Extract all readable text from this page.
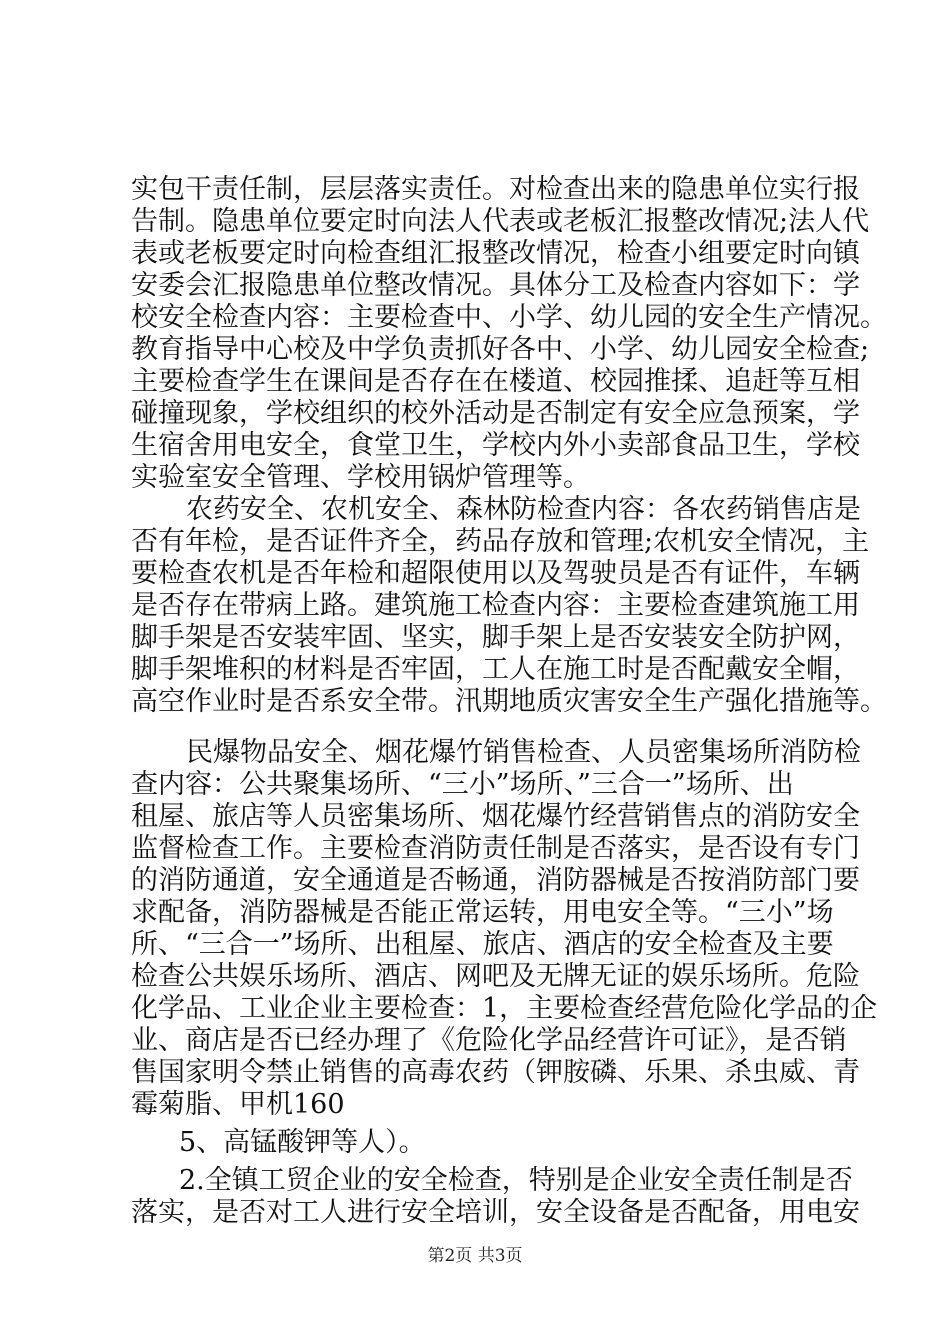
实包干责任制，层层落实责任。对检查出来的隐患单位实行报
告制。隐患单位要定时向法人代表或老板汇报整改情况;法人代
表或老板要定时向检查组汇报整改情况，检查小组要定时向镇
安委会汇报隐患单位整改情况。具体分工及检查内容如下：学
校安全检查内容：主要检查中、小学、幼儿园的安全生产情况。
教育指导中心校及中学负责抓好各中、小学、幼儿园安全检查;
主要检查学生在课间是否存在在楼道、校园推揉、追赶等互相
碰撞现象，学校组织的校外活动是否制定有安全应急预案，学
生宿舍用电安全，食堂卫生，学校内外小卖部食品卫生，学校
实验室安全管理、学校用锅炉管理等。
农药安全、农机安全、森林防检查内容：各农药销售店是
否有年检，是否证件齐全，药品存放和管理;农机安全情况，主
要检查农机是否年检和超限使用以及驾驶员是否有证件，车辆
是否存在带病上路。建筑施工检查内容：主要检查建筑施工用
脚手架是否安装牢固、坚实，脚手架上是否安装安全防护网，
脚手架堆积的材料是否牢固，工人在施工时是否配戴安全帽，
高空作业时是否系安全带。汛期地质灾害安全生产强化措施等。
民爆物品安全、烟花爆竹销售检查、人员密集场所消防检
查内容：公共聚集场所、“三小”场所、”三合一”场所、出
租屋、旅店等人员密集场所、烟花爆竹经营销售点的消防安全
监督检查工作。主要检查消防责任制是否落实，是否设有专门
的消防通道，安全通道是否畅通，消防器械是否按消防部门要
求配备，消防器械是否能正常运转，用电安全等。“三小”场
所、“三合一”场所、出租屋、旅店、酒店的安全检查及主要
检查公共娱乐场所、酒店、网吧及无牌无证的娱乐场所。危险
化学品、工业企业主要检查：1，主要检查经营危险化学品的企
业、商店是否已经办理了《危险化学品经营许可证》，是否销
售国家明令禁止销售的高毒农药（钾胺磷、乐果、杀虫威、青
霉菊脂、甲机160
5、高锰酸钾等人）。
2.全镇工贸企业的安全检查，特别是企业安全责任制是否
落实，是否对工人进行安全培训，安全设备是否配备，用电安
第2页 共3页
